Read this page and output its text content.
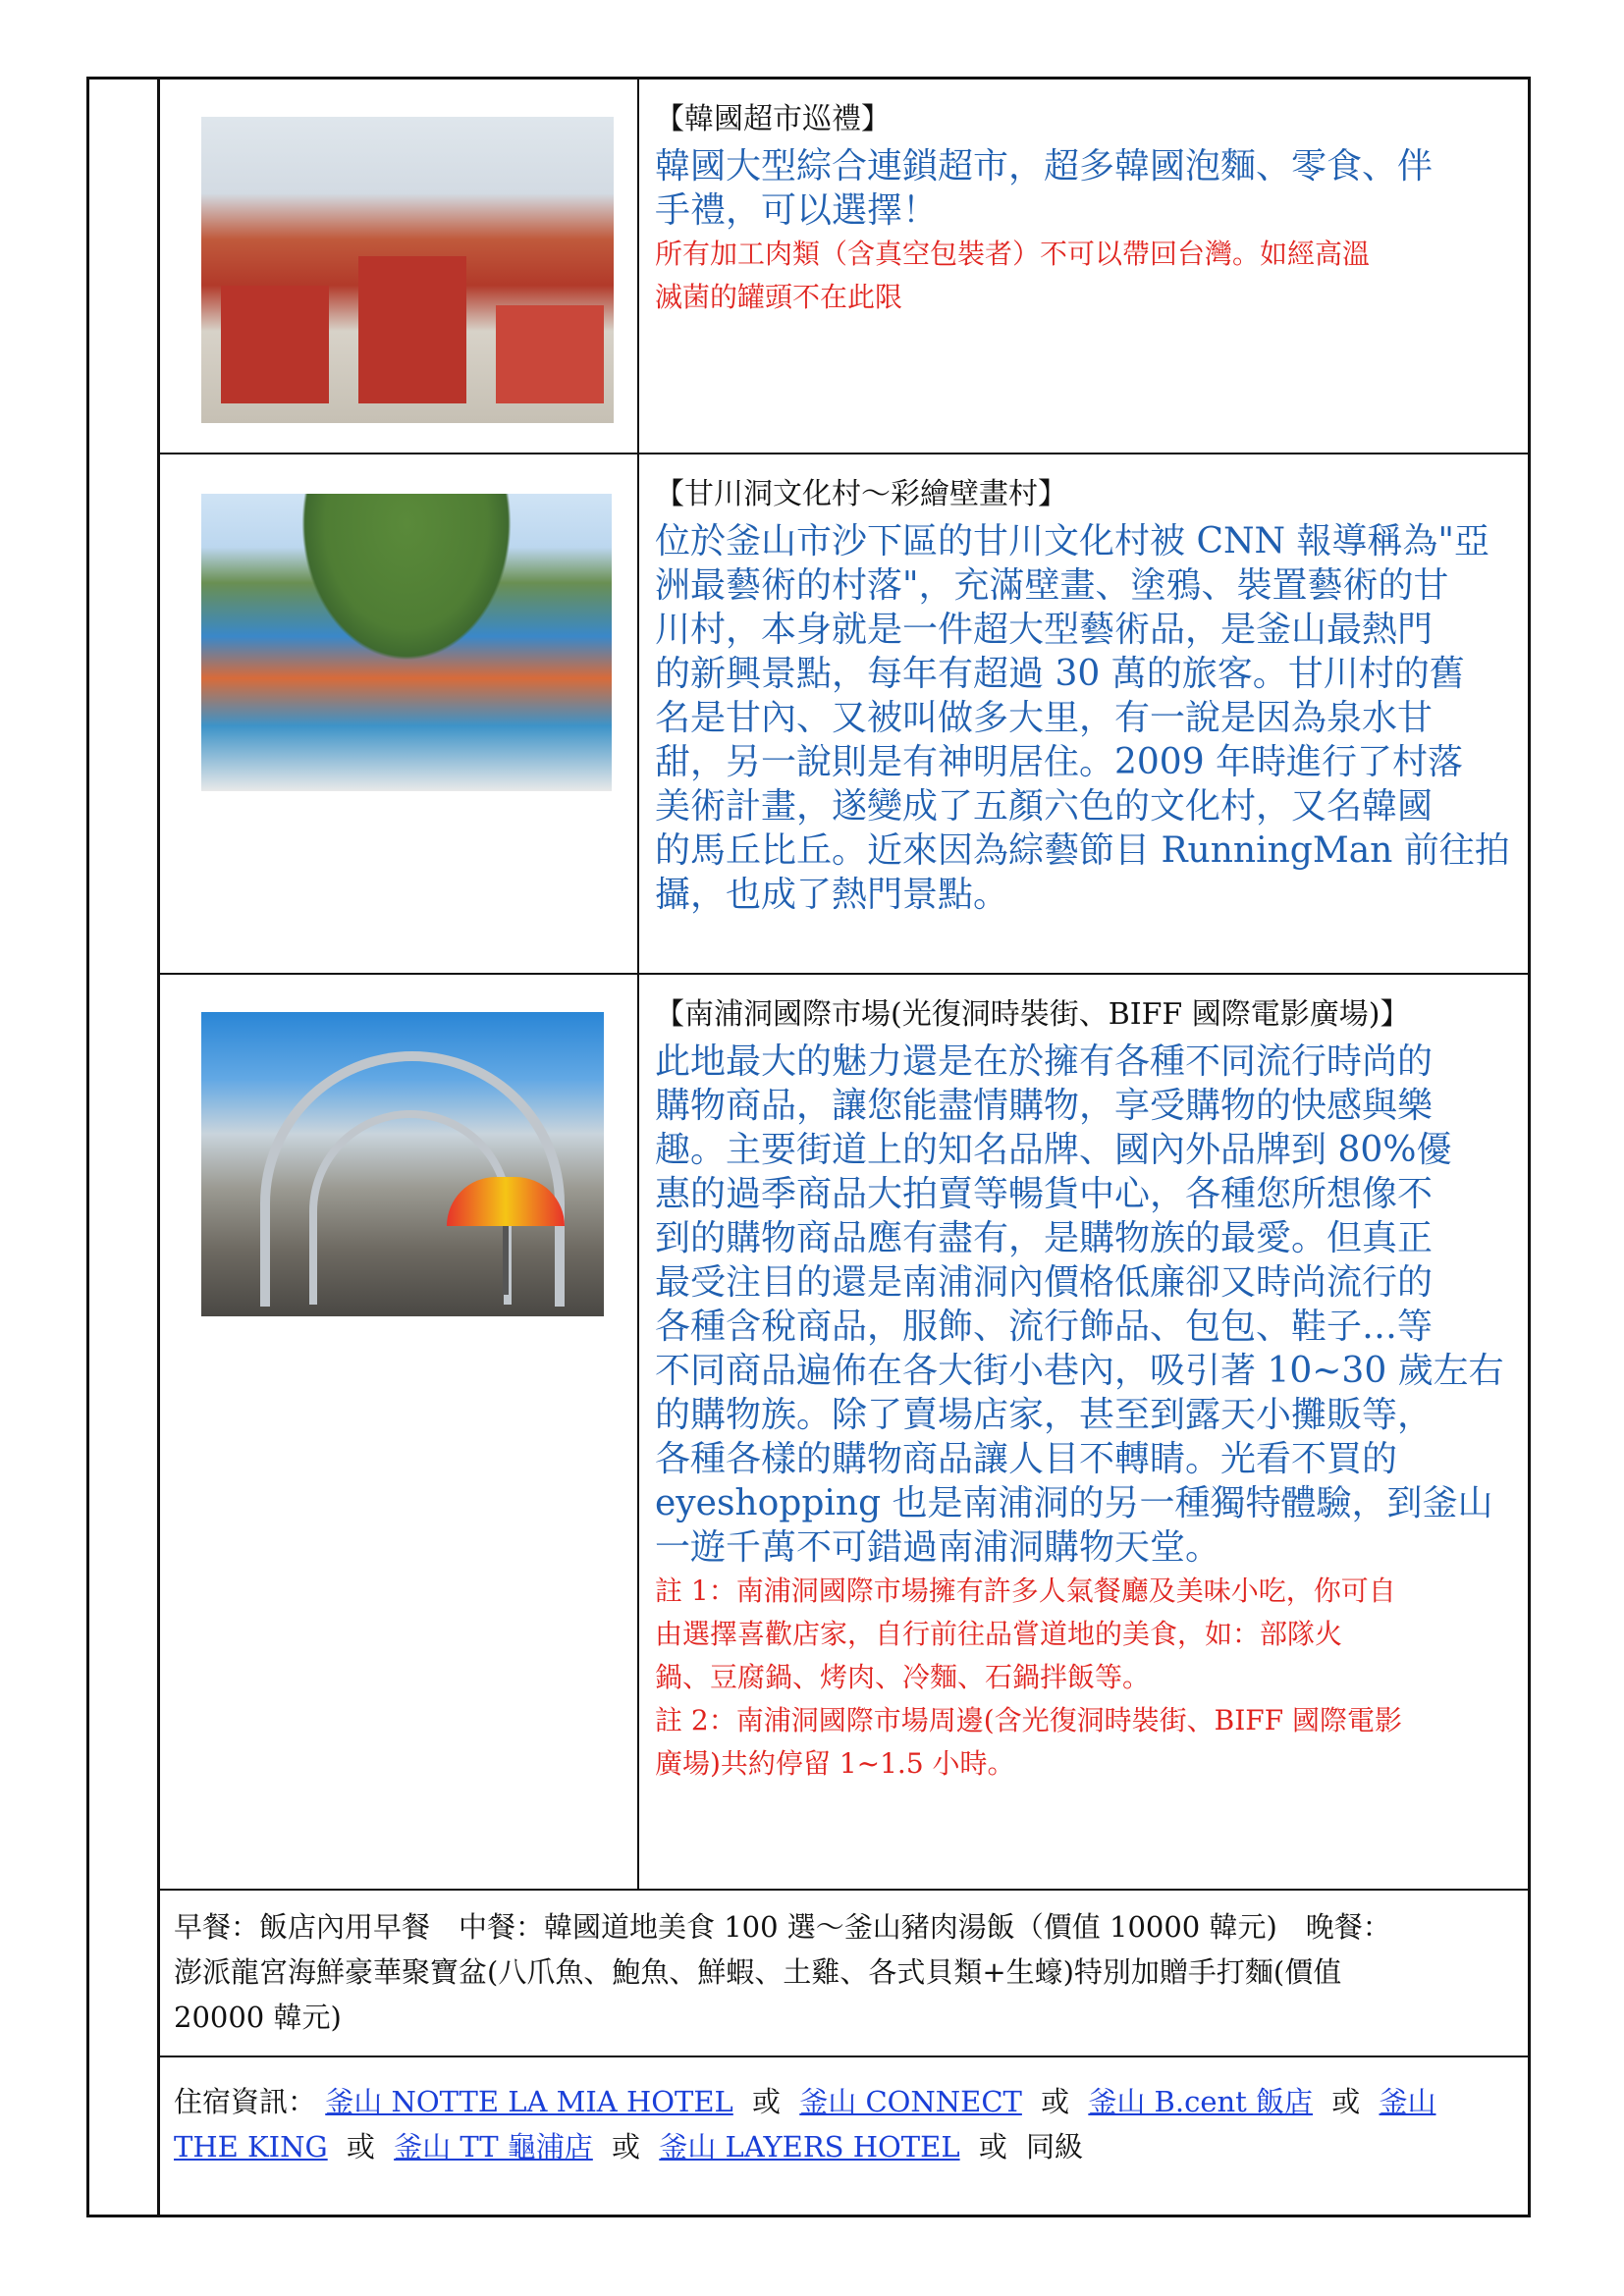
【韓國超市巡禮】
韓國大型綜合連鎖超市，超多韓國泡麵、零食、伴
手禮，可以選擇！
所有加工肉類（含真空包裝者）不可以帶回台灣。如經高溫
滅菌的罐頭不在此限
【甘川洞文化村～彩繪壁畫村】
位於釜山市沙下區的甘川文化村被 CNN 報導稱為"亞
洲最藝術的村落"，充滿壁畫、塗鴉、裝置藝術的甘
川村，本身就是一件超大型藝術品，是釜山最熱門
的新興景點，每年有超過 30 萬的旅客。甘川村的舊
名是甘內、又被叫做多大里，有一說是因為泉水甘
甜，另一說則是有神明居住。2009 年時進行了村落
美術計畫，遂變成了五顏六色的文化村，又名韓國
的馬丘比丘。近來因為綜藝節目 RunningMan 前往拍
攝，也成了熱門景點。
【南浦洞國際市場(光復洞時裝街、BIFF 國際電影廣場)】
此地最大的魅力還是在於擁有各種不同流行時尚的
購物商品，讓您能盡情購物，享受購物的快感與樂
趣。主要街道上的知名品牌、國內外品牌到 80%優
惠的過季商品大拍賣等暢貨中心，各種您所想像不
到的購物商品應有盡有，是購物族的最愛。但真正
最受注目的還是南浦洞內價格低廉卻又時尚流行的
各種含稅商品，服飾、流行飾品、包包、鞋子…等
不同商品遍佈在各大街小巷內，吸引著 10~30 歲左右
的購物族。除了賣場店家，甚至到露天小攤販等，
各種各樣的購物商品讓人目不轉睛。光看不買的
eyeshopping 也是南浦洞的另一種獨特體驗，到釜山
一遊千萬不可錯過南浦洞購物天堂。
註 1：南浦洞國際市場擁有許多人氣餐廳及美味小吃，你可自
由選擇喜歡店家，自行前往品嘗道地的美食，如：部隊火
鍋、豆腐鍋、烤肉、冷麵、石鍋拌飯等。
註 2：南浦洞國際市場周邊(含光復洞時裝街、BIFF 國際電影
廣場)共約停留 1~1.5 小時。
早餐：飯店內用早餐　中餐：韓國道地美食 100 選～釜山豬肉湯飯（價值 10000 韓元)　晚餐：
澎派龍宮海鮮豪華聚寶盆(八爪魚、鮑魚、鮮蝦、土雞、各式貝類+生蠔)特別加贈手打麵(價值
20000 韓元)
住宿資訊： 釜山 NOTTE LA MIA HOTEL 或 釜山 CONNECT 或 釜山 B.cent 飯店 或 釜山
THE KING 或 釜山 TT 龜浦店 或 釜山 LAYERS HOTEL 或 同級
